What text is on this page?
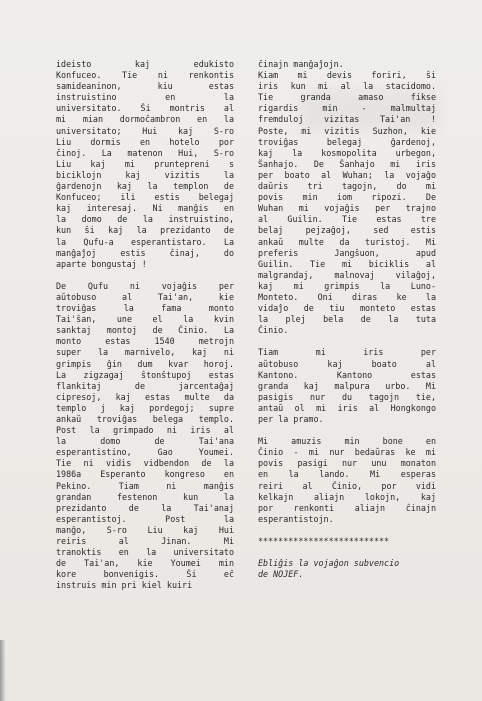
ideisto kaj edukisto
Konfuceo. Tie ni renkontis
samideaninon, kiu estas
instruistino en la
universitato. Ŝi montris al
mi mian dormoĉambron en la
universitato; Hui kaj S-ro
Liu dormis en hotelo por
ĉinoj. La matenon Hui, S-ro
Liu kaj mi pruntepreni s
biciklojn kaj vizitis la
ĝardenojn kaj la templon de
Konfuceo; ili estis belegaj
kaj interesaj. Ni manĝis en
la domo de la instruistino,
kun ŝi kaj la prezidanto de
la Qufu-a esperantistaro. La
manĝaĵoj estis ĉinaj, do
aparte bongustaj !

De Qufu ni vojaĝis per
aŭtobuso al Tai'an, kie
troviĝas la fama monto
Tai'ŝan, une el la kvin
sanktaj montoj de Ĉinio. La
monto estas 1540 metrojn
super la marnivelo, kaj ni
grimpis ĝin dum kvar horoj.
La zigzagaj ŝtonŝtupoj estas
flankitaj de jarcentaĝaj
cipresoj, kaj estas multe da
templo j kaj pordegoj; supre
ankaŭ troviĝas belega templo.
Post la grimpado ni iris al
la domo de Tai'ana
esperantistino, Gao Youmei.
Tie ni vidis vidbendon de la
1986a Esperanto kongreso en
Pekino. Tiam ni manĝis
grandan festenon kun la
prezidanto de la Tai'anaj
esperantistoj. Post la
manĝo, S-ro Liu kaj Hui
reiris al Jinan. Mi
tranoktis en la universitato
de Tai'an, kie Youmei min
kore bonvenigis. Ŝi eĉ
instruis min pri kiel kuiri
ĉinajn manĝaĵojn.
Kiam mi devis foriri, ŝi
iris kun mi al la stacidomo.
Tie granda amaso fikse
rigardis min - malmultaj
fremduloj vizitas Tai'an !
Poste, mi vizitis Suzhon, kie
troviĝas belegaj ĝardenoj,
kaj la kosmopolita urbegon,
Ŝanhajo. De Ŝanhajo mi iris
per boato al Wuhan; la vojaĝo
daŭris tri tagojn, do mi
povis min iom ripozi. De
Wuhan mi vojaĝis per trajno
al Guilin. Tie estas tre
belaj pejzaĝoj, sed estis
ankaŭ multe da turistoj. Mi
preferis Jangŝuon, apud
Guilin. Tie mi biciklis al
malgrandaj, malnovaj vilaĝoj,
kaj mi grimpis la Luno-
Monteto. Oni diras ke la
vidaĵo de tiu monteto estas
la plej bela de la tuta
Ĉinio.

Tiam mi iris per
aŭtobuso kaj boato al
Kantono. Kantono estas
granda kaj malpura urbo. Mi
pasigis nur du tagojn tie,
antaŭ ol mi iris al Hongkongo
per la pramo.

Mi amuzis min bone en
Ĉinio - mi nur bedaŭras ke mi
povis pasigi nur unu monaton
en la lando. Mi esperas
reiri al Ĉinio, por vidi
kelkajn aliajn lokojn, kaj
por renkonti aliajn ĉinajn
esperantistojn.

**************************

Ebliĝis la vojaĝon subvencio
de NOJEF.
